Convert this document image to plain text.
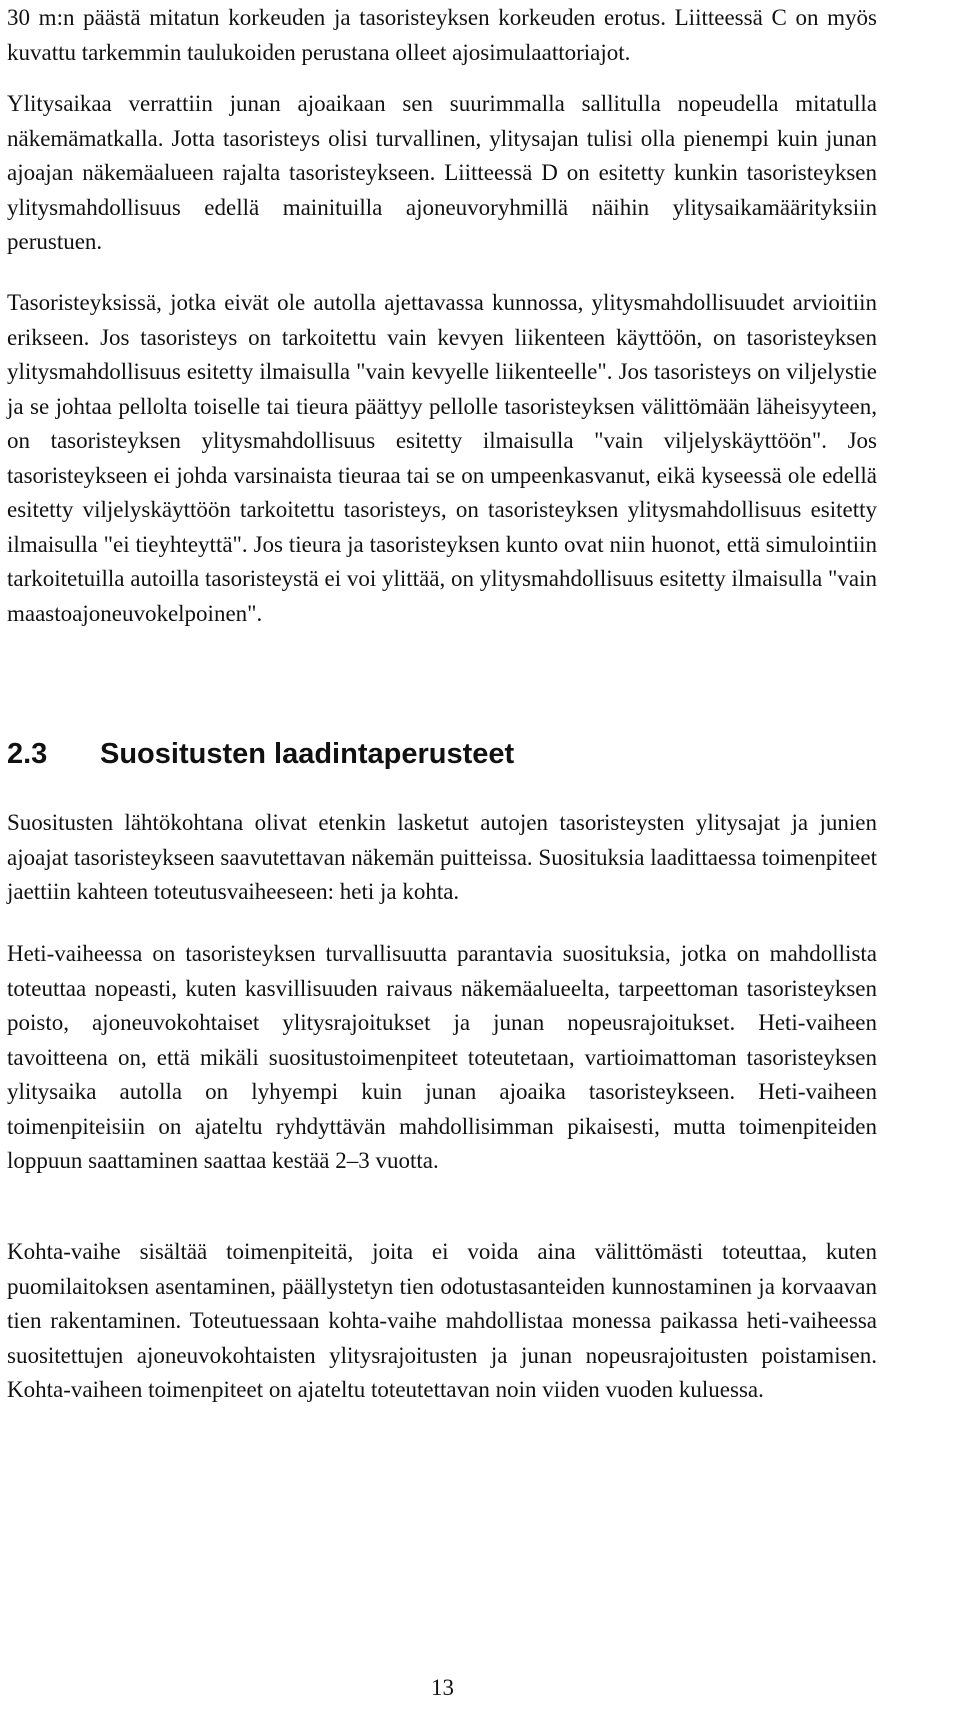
30 m:n päästä mitatun korkeuden ja tasoristeyksen korkeuden erotus. Liitteessä C on myös kuvattu tarkemmin taulukoiden perustana olleet ajosimulaattoriajot.

Ylitysaikaa verrattiin junan ajoaikaan sen suurimmalla sallitulla nopeudella mitatulla näkemämatkalla. Jotta tasoristeys olisi turvallinen, ylitysajan tulisi olla pienempi kuin junan ajoajan näkemäalueen rajalta tasoristeykseen. Liitteessä D on esitetty kunkin tasoristeyksen ylitysmahdollisuus edellä mainituilla ajoneuvoryhmillä näihin ylitysaikamäärityksiin perustuen.

Tasoristeyksissä, jotka eivät ole autolla ajettavassa kunnossa, ylitysmahdollisuudet arvioitiin erikseen. Jos tasoristeys on tarkoitettu vain kevyen liikenteen käyttöön, on tasoristeyksen ylitysmahdollisuus esitetty ilmaisulla "vain kevyelle liikenteelle". Jos tasoristeys on viljelystie ja se johtaa pellolta toiselle tai tieura päättyy pellolle tasoristeyksen välittömään läheisyyteen, on tasoristeyksen ylitysmahdollisuus esitetty ilmaisulla "vain viljelyskäyttöön". Jos tasoristeykseen ei johda varsinaista tieuraa tai se on umpeenkasvanut, eikä kyseessä ole edellä esitetty viljelyskäyttöön tarkoitettu tasoristeys, on tasoristeyksen ylitysmahdollisuus esitetty ilmaisulla "ei tieyhteyttä". Jos tieura ja tasoristeyksen kunto ovat niin huonot, että simulointiin tarkoitetuilla autoilla tasoristeystä ei voi ylittää, on ylitysmahdollisuus esitetty ilmaisulla "vain maastoajoneuvokelpoinen".

2.3	Suositusten laadintaperusteet

Suositusten lähtökohtana olivat etenkin lasketut autojen tasoristeysten ylitysajat ja junien ajoajat tasoristeykseen saavutettavan näkemän puitteissa. Suosituksia laadittaessa toimenpiteet jaettiin kahteen toteutusvaiheeseen: heti ja kohta.

Heti-vaiheessa on tasoristeyksen turvallisuutta parantavia suosituksia, jotka on mahdollista toteuttaa nopeasti, kuten kasvillisuuden raivaus näkemäalueelta, tarpeettoman tasoristeyksen poisto, ajoneuvokohtaiset ylitysrajoitukset ja junan nopeusrajoitukset. Heti-vaiheen tavoitteena on, että mikäli suositustoimenpiteet toteutetaan, vartioimattoman tasoristeyksen ylitysaika autolla on lyhyempi kuin junan ajoaika tasoristeykseen. Heti-vaiheen toimenpiteisiin on ajateltu ryhdyttävän mahdollisimman pikaisesti, mutta toimenpiteiden loppuun saattaminen saattaa kestää 2–3 vuotta.

Kohta-vaihe sisältää toimenpiteitä, joita ei voida aina välittömästi toteuttaa, kuten puomilaitoksen asentaminen, päällystetyn tien odotustasanteiden kunnostaminen ja korvaavan tien rakentaminen. Toteutuessaan kohta-vaihe mahdollistaa monessa paikassa heti-vaiheessa suositettujen ajoneuvokohtaisten ylitysrajoitusten ja junan nopeusrajoitusten poistamisen. Kohta-vaiheen toimenpiteet on ajateltu toteutettavan noin viiden vuoden kuluessa.

13
